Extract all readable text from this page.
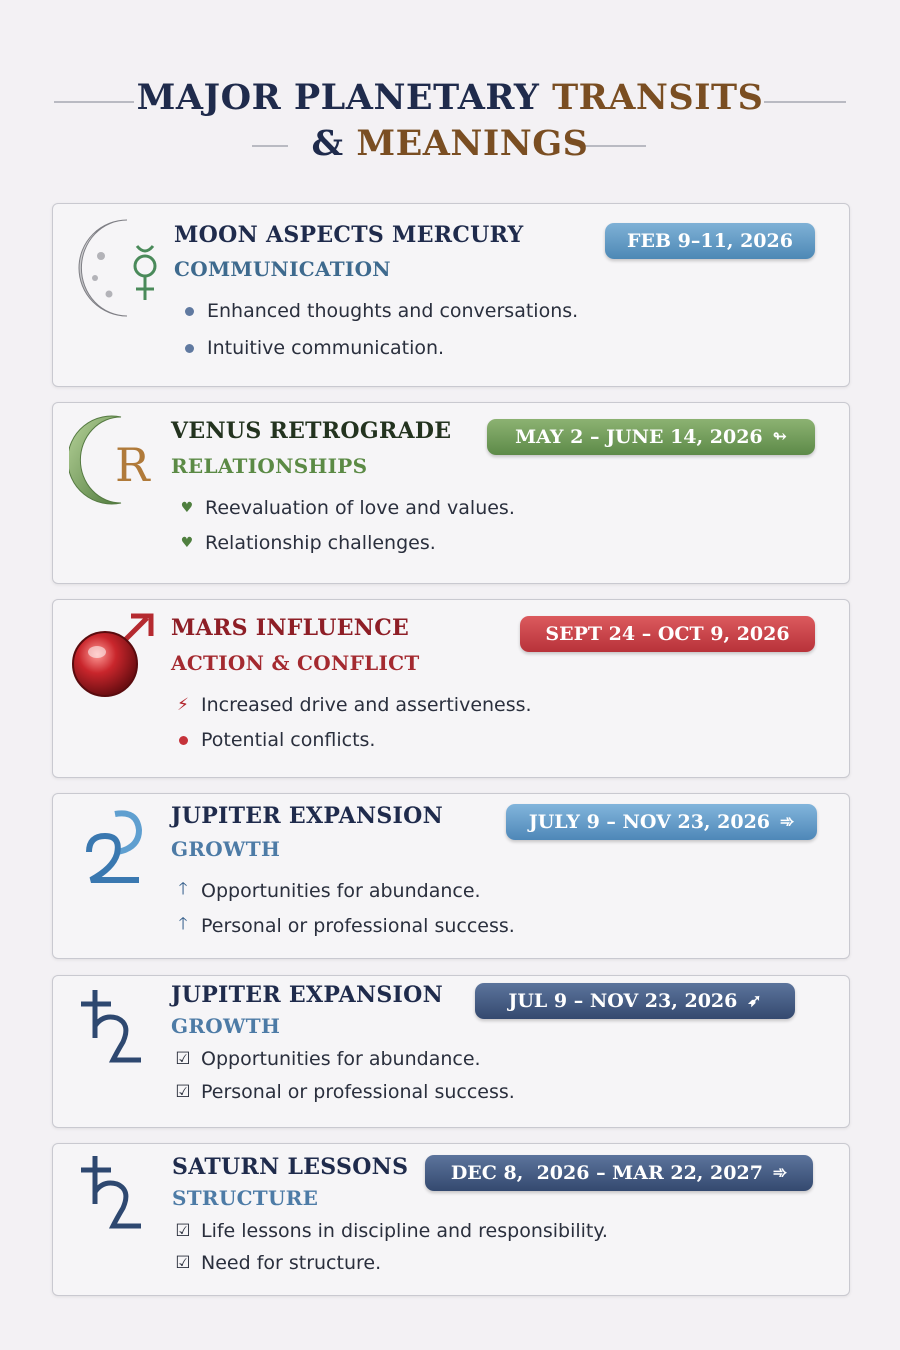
MAJOR PLANETARY TRANSITS
& MEANINGS
MOON ASPECTS MERCURY
COMMUNICATION
FEB 9–11, 2026
Enhanced thoughts and conversations.
Intuitive communication.
R
VENUS RETROGRADE
RELATIONSHIPS
MAY 2 – JUNE 14, 2026 ↬
♥ Reevaluation of love and values.
♥ Relationship challenges.
MARS INFLUENCE
ACTION & CONFLICT
SEPT 24 – OCT 9, 2026
⚡ Increased drive and assertiveness.
Potential conflicts.
JUPITER EXPANSION
GROWTH
JULY 9 – NOV 23, 2026 ➾
🡑 Opportunities for abundance.
🡑 Personal or professional success.
JUPITER EXPANSION
GROWTH
JUL 9 – NOV 23, 2026 ➶
☑ Opportunities for abundance.
☑ Personal or professional success.
SATURN LESSONS
STRUCTURE
DEC 8,  2026 – MAR 22, 2027 ➾
☑ Life lessons in discipline and responsibility.
☑ Need for structure.
